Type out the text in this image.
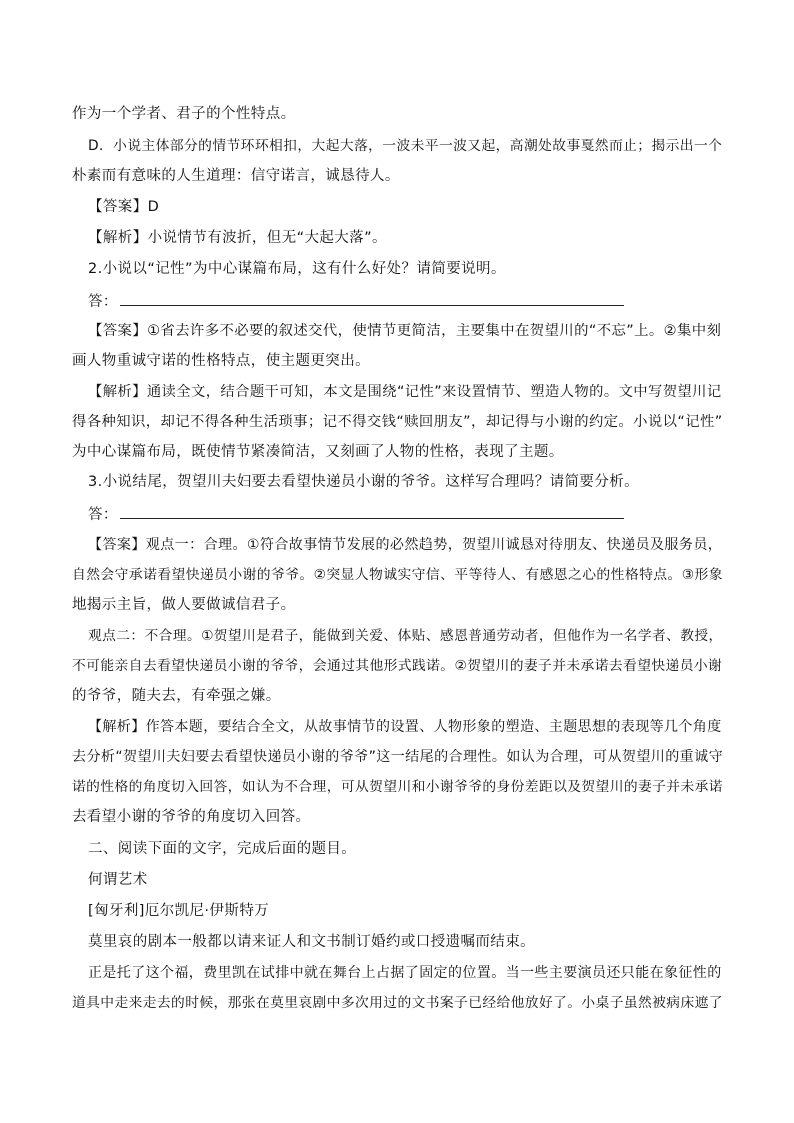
作为一个学者、君子的个性特点。
D．小说主体部分的情节环环相扣，大起大落，一波未平一波又起，高潮处故事戛然而止；揭示出一个
朴素而有意味的人生道理：信守诺言，诚恳待人。
【答案】D
【解析】小说情节有波折，但无“大起大落”。
2.小说以“记性”为中心谋篇布局，这有什么好处？请简要说明。
答：
【答案】①省去许多不必要的叙述交代，使情节更简洁，主要集中在贺望川的“不忘”上。②集中刻
画人物重诚守诺的性格特点，使主题更突出。
【解析】通读全文，结合题干可知，本文是围绕“记性”来设置情节、塑造人物的。文中写贺望川记
得各种知识，却记不得各种生活琐事；记不得交钱“赎回朋友”，却记得与小谢的约定。小说以“记性”
为中心谋篇布局，既使情节紧凑简洁，又刻画了人物的性格，表现了主题。
3.小说结尾，贺望川夫妇要去看望快递员小谢的爷爷。这样写合理吗？请简要分析。
答：
【答案】观点一：合理。①符合故事情节发展的必然趋势，贺望川诚恳对待朋友、快递员及服务员，
自然会守承诺看望快递员小谢的爷爷。②突显人物诚实守信、平等待人、有感恩之心的性格特点。③形象
地揭示主旨，做人要做诚信君子。
观点二：不合理。①贺望川是君子，能做到关爱、体贴、感恩普通劳动者，但他作为一名学者、教授，
不可能亲自去看望快递员小谢的爷爷，会通过其他形式践诺。②贺望川的妻子并未承诺去看望快递员小谢
的爷爷，随夫去，有牵强之嫌。
【解析】作答本题，要结合全文，从故事情节的设置、人物形象的塑造、主题思想的表现等几个角度
去分析“贺望川夫妇要去看望快递员小谢的爷爷”这一结尾的合理性。如认为合理，可从贺望川的重诚守
诺的性格的角度切入回答，如认为不合理，可从贺望川和小谢爷爷的身份差距以及贺望川的妻子并未承诺
去看望小谢的爷爷的角度切入回答。
二、阅读下面的文字，完成后面的题目。
何谓艺术
[匈牙利]厄尔凯尼·伊斯特万
莫里哀的剧本一般都以请来证人和文书制订婚约或口授遗嘱而结束。
正是托了这个福，费里凯在试排中就在舞台上占据了固定的位置。当一些主要演员还只能在象征性的
道具中走来走去的时候，那张在莫里哀剧中多次用过的文书案子已经给他放好了。小桌子虽然被病床遮了
